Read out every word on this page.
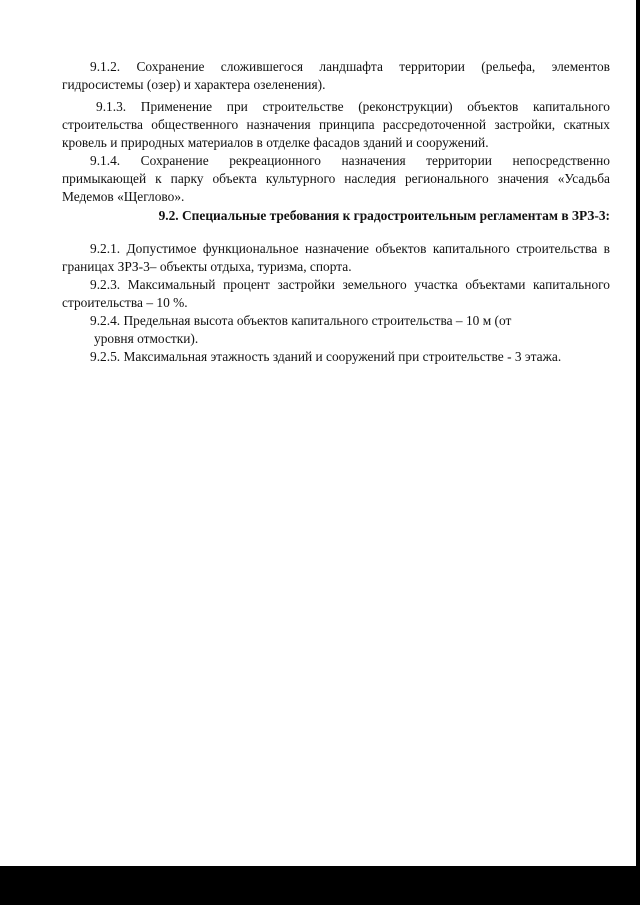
9.1.2. Сохранение сложившегося ландшафта территории (рельефа, элементов гидросистемы (озер) и характера озеленения).

9.1.3. Применение при строительстве (реконструкции) объектов капитального строительства общественного назначения принципа рассредоточенной застройки, скатных кровель и природных материалов в отделке фасадов зданий и сооружений.

9.1.4. Сохранение рекреационного назначения территории непосредственно примыкающей к парку объекта культурного наследия регионального значения «Усадьба Медемов «Щеглово».

9.2. Специальные требования к градостроительным регламентам в ЗРЗ-3:

9.2.1. Допустимое функциональное назначение объектов капитального строительства в границах ЗРЗ-3– объекты отдыха, туризма, спорта.

9.2.3. Максимальный процент застройки земельного участка объектами капитального строительства – 10 %.

9.2.4. Предельная высота объектов капитального строительства – 10 м (от

уровня отмостки).

9.2.5. Максимальная этажность зданий и сооружений при строительстве - 3 этажа.
